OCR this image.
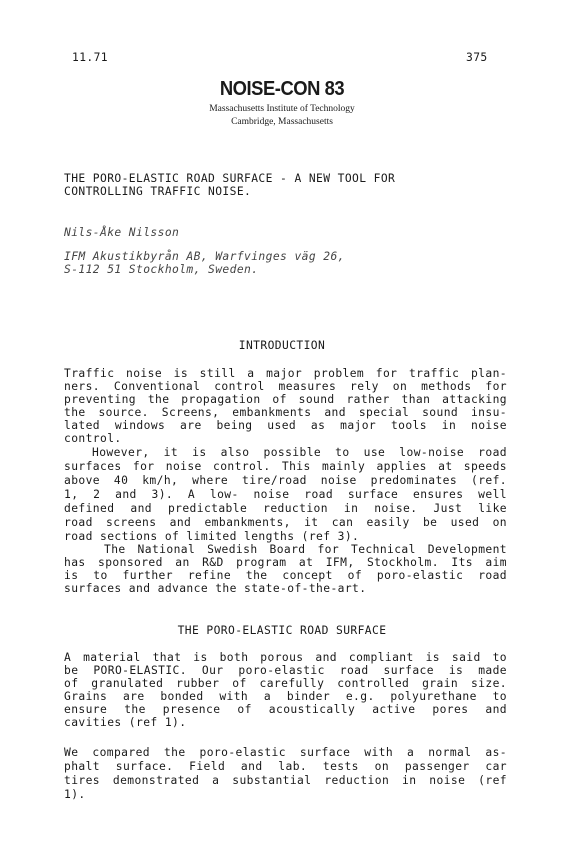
11.71	375
NOISE-CON 83
Massachusetts Institute of Technology
Cambridge, Massachusetts
THE PORO-ELASTIC ROAD SURFACE - A NEW TOOL FOR
CONTROLLING TRAFFIC NOISE.
Nils-Åke Nilsson
IFM Akustikbyrån AB, Warfvinges väg 26,
S-112 51 Stockholm, Sweden.
INTRODUCTION
Traffic noise is still a major problem for traffic plan-
ners. Conventional control measures rely on methods for
preventing the propagation of sound rather than attacking
the source. Screens, embankments and special sound insu-
lated windows are being used as major tools in noise
control.
However, it is also possible to use low-noise road
surfaces for noise control. This mainly applies at speeds
above 40 km/h, where tire/road noise predominates (ref.
1, 2 and 3). A low- noise road surface ensures well
defined and predictable reduction in noise. Just like
road screens and embankments, it can easily be used on
road sections of limited lengths (ref 3).
The National Swedish Board for Technical Development
has sponsored an R&D program at IFM, Stockholm. Its aim
is to further refine the concept of poro-elastic road
surfaces and advance the state-of-the-art.
THE PORO-ELASTIC ROAD SURFACE
A material that is both porous and compliant is said to
be PORO-ELASTIC. Our poro-elastic road surface is made
of granulated rubber of carefully controlled grain size.
Grains are bonded with a binder e.g. polyurethane to
ensure the presence of acoustically active pores and
cavities (ref 1).
We compared the poro-elastic surface with a normal as-
phalt surface. Field and lab. tests on passenger car
tires demonstrated a substantial reduction in noise (ref
1).
